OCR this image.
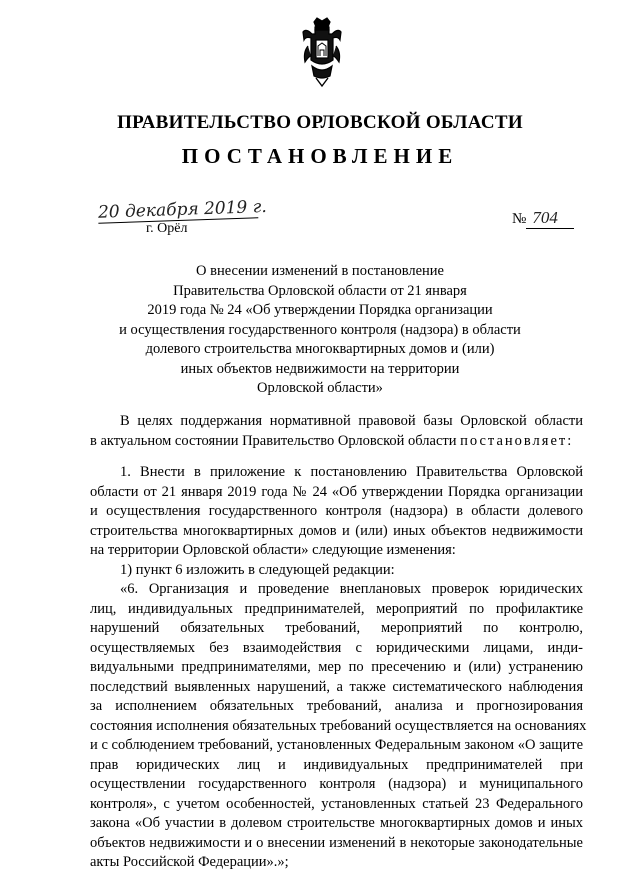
ПРАВИТЕЛЬСТВО ОРЛОВСКОЙ ОБЛАСТИ
ПОСТАНОВЛЕНИЕ
20 декабря 2019 г.
г. Орёл
№ 704
О внесении изменений в постановление
Правительства Орловской области от 21 января
2019 года № 24 «Об утверждении Порядка организации
и осуществления государственного контроля (надзора) в области
долевого строительства многоквартирных домов и (или)
иных объектов недвижимости на территории
Орловской области»
В целях поддержания нормативной правовой базы Орловской области
в актуальном состоянии Правительство Орловской области постановляет:
1. Внести в приложение к постановлению Правительства Орловской
области от 21 января 2019 года № 24 «Об утверждении Порядка организации
и осуществления государственного контроля (надзора) в области долевого
строительства многоквартирных домов и (или) иных объектов недвижимости
на территории Орловской области» следующие изменения:
1) пункт 6 изложить в следующей редакции:
«6. Организация и проведение внеплановых проверок юридических
лиц, индивидуальных предпринимателей, мероприятий по профилактике
нарушений обязательных требований, мероприятий по контролю,
осуществляемых без взаимодействия с юридическими лицами, инди-
видуальными предпринимателями, мер по пресечению и (или) устранению
последствий выявленных нарушений, а также систематического наблюдения
за исполнением обязательных требований, анализа и прогнозирования
состояния исполнения обязательных требований осуществляется на основаниях
и с соблюдением требований, установленных Федеральным законом «О защите
прав юридических лиц и индивидуальных предпринимателей при
осуществлении государственного контроля (надзора) и муниципального
контроля», с учетом особенностей, установленных статьей 23 Федерального
закона «Об участии в долевом строительстве многоквартирных домов и иных
объектов недвижимости и о внесении изменений в некоторые законодательные
акты Российской Федерации».»;
